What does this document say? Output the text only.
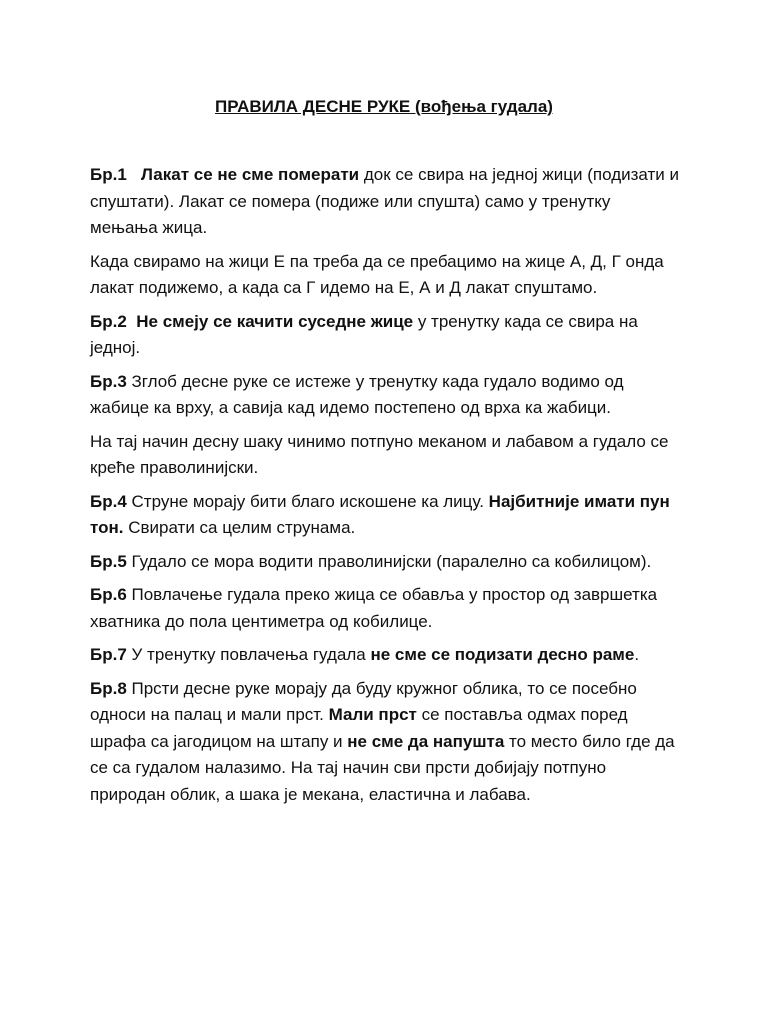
ПРАВИЛА ДЕСНЕ РУКЕ (вођења гудала)

Бр.1 Лакат се не сме померати док се свира на једној жици (подизати и спуштати). Лакат се помера (подиже или спушта) само у тренутку мењања жица.

Када свирамо на жици Е па треба да се пребацимо на жице А, Д, Г онда лакат подижемо, а када са Г идемо на Е, А и Д лакат спуштамо.

Бр.2 Не смеју се качити суседне жице у тренутку када се свира на једној.

Бр.3 Зглоб десне руке се истеже у тренутку када гудало водимо од жабице ка врху, а савија кад идемо постепено од врха ка жабици.

На тај начин десну шаку чинимо потпуно меканом и лабавом а гудало се креће праволинијски.

Бр.4 Струне морају бити благо искошене ка лицу. Најбитније имати пун тон. Свирати са целим струнама.

Бр.5 Гудало се мора водити праволинијски (паралелно са кобилицом).

Бр.6 Повлачење гудала преко жица се обавља у простор од завршетка хватника до пола центиметра од кобилице.

Бр.7 У тренутку повлачења гудала не сме се подизати десно раме.

Бр.8 Прсти десне руке морају да буду кружног облика, то се посебно односи на палац и мали прст. Мали прст се поставља одмах поред шрафа са јагодицом на штапу и не сме да напушта то место било где да се са гудалом налазимо. На тај начин сви прсти добијају потпуно природан облик, а шака је мекана, еластична и лабава.
